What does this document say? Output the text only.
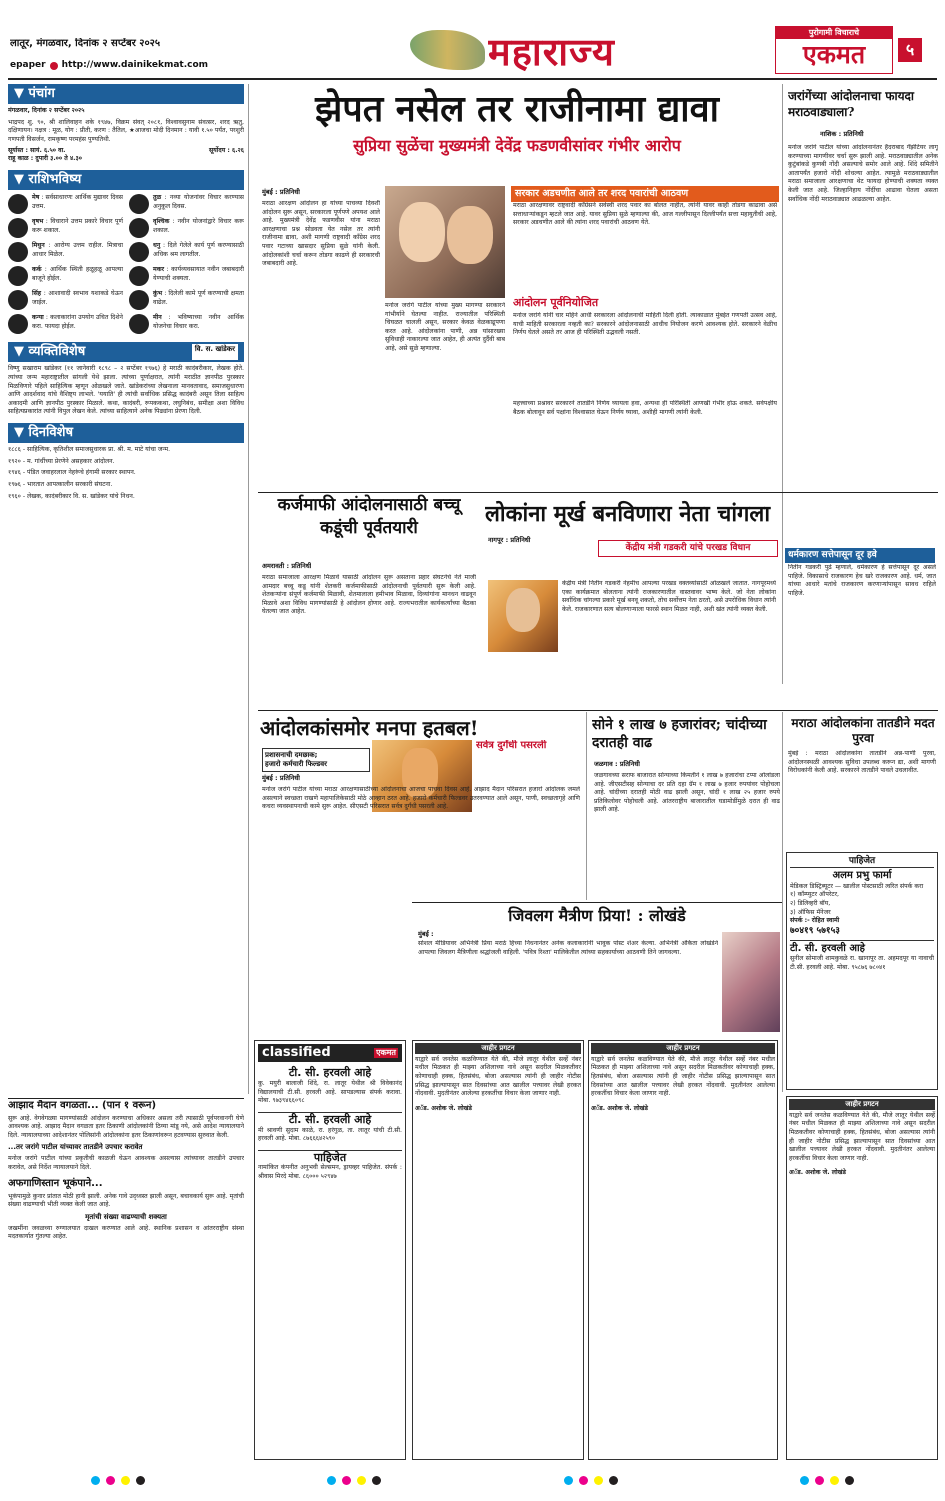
लातूर, मंगळवार, दिनांक २ सप्टेंबर २०२५
epaper http://www.dainikekmat.com	महाराज्य	पुरोगामी विचाराचे
एकमत	५
▼ पंचांग
मंगळवार, दिनांक २ सप्टेंबर २०२५
भाद्रपद शु. ९०, श्री शालिवाहन शके १९४७, विक्रम संवत् २०८१, विश्वावसुनाम संवत्सर, शरद ऋतु, दक्षिणायन। नक्षत्र : मूळ, योग : प्रीती, करण : तैतिल, ★आजचा मोदी दिनमान : यावी १.५० पर्यंत, परशुरी गणपती विसर्जन, रामकृष्ण परमहंस पुण्यतिथी.
सूर्यास्त : सायं. ६.५० वा.	सूर्योदय : ६.२६
राहू काळ : दुपारी ३.०० ते ४.३०
▼ राशिभविष्य
मेष : सर्वसाधारणः आर्थिक मुद्यावर दिवस उत्तम.
तुळ : नव्या योजनांवर विचार करण्यास अनुकूल दिवस.
वृषभ : विचाराने उत्तम प्रकारे विचार पूर्ण करू शकाल.
वृश्चिक : नवीन योजनांद्वारे विचार करू शकाल.
मिथुन : आरोग्य उत्तम राहील. मित्राचा आधार मिळेल.
धनु : दिले गेलेले कार्य पूर्ण करण्यासाठी अधिक श्रम लागतील.
कर्क : आर्थिक स्थिती हळूहळू आपल्या बाजूने होईल.
मकर : कार्यव्यवसायात नवीन जबाबदारी येण्याची शक्यता.
सिंह : आशावादी स्वभाव यशाकडे घेऊन जाईल.
कुंभ : दिलेली कामे पूर्ण करण्याची क्षमता वाढेल.
कन्या : कलाकारांना उपयोग उचित दिशेने करा. फायदा होईल.
मीन : भविष्याच्या नवीन आर्थिक योजनेचा विचार करा.
▼ व्यक्तिविशेष	वि. स. खांडेकर
विष्णु सखाराम खांडेकर (११ जानेवारी १८९८ – २ सप्टेंबर १९७६) हे मराठी कादंबरीकार, लेखक होते. त्यांच्या जन्म महाराष्ट्रातील सांगली येथे झाला. त्यांच्या पूर्णाक्षरात, त्यांनी मराठीत ज्ञानपीठ पुरस्कार मिळविणारे पहिले साहित्यिक म्हणून ओळखले जाते. खांडेकरांच्या लेखनाला मानवतावाद, समाजसुधारणा आणि आदर्शवाद यांचे वैशिष्ट्य लाभले. 'ययाति' ही त्यांची सर्वाधिक प्रसिद्ध कादंबरी असून तिला साहित्य अकादमी आणि ज्ञानपीठ पुरस्कार मिळाले. कथा, कादंबरी, रूपककथा, लघुनिबंध, समीक्षा अशा विविध साहित्यप्रकारांत त्यांनी विपुल लेखन केले. त्यांच्या साहित्याने अनेक पिढ्यांना प्रेरणा दिली.
▼ दिनविशेष
१८८६ - साहित्यिक, कृतिशील समाजसुधारक प्रा. श्री. म. माटे यांचा जन्म.
१९२० - म. गांधींच्या प्रेरणेने असहकार आंदोलन.
१९४६ - पंडित जवाहरलाल नेहरूंचे हंगामी सरकार स्थापन.
१९७६ - भारतात आपत्कालीन सरकारी संघटना.
१९६० - लेखक, कादंबरीकार वि. स. खांडेकर यांचे निधन.
झेपत नसेल तर राजीनामा द्यावा
सुप्रिया सुळेंचा मुख्यमंत्री देवेंद्र फडणवीसांवर गंभीर आरोप
मुंबई : प्रतिनिधी
मराठा आरक्षण आंदोलन हा यांच्या पाचव्या दिवशी आंदोलन सुरू असून, सरकारला पूर्णपणे अपयश आले आहे. मुख्यमंत्री देवेंद्र फडणवीस यांना मराठा आरक्षणाचा प्रश्न सोडवता येत नसेल तर त्यांनी राजीनामा द्यावा, अशी मागणी राष्ट्रवादी काँग्रेस शरद पवार गटाच्या खासदार सुप्रिया सुळे यांनी केली. आंदोलकांशी चर्चा करून तोडगा काढणे ही सरकारची जबाबदारी आहे.
मनोज जरांगे पाटील यांच्या मुख्य मागण्या सरकारने गांभीर्याने घेतल्या नाहीत. राज्यातील परिस्थिती चिघळत चालली असून, सरकार केवळ वेळकाढूपणा करत आहे. आंदोलकांना पाणी, अन्न यांसारख्या सुविधाही नाकारल्या जात आहेत, ही अत्यंत दुर्दैवी बाब आहे, असे सुळे म्हणाल्या.
सरकार अडचणीत आले तर शरद पवारांची आठवण
मराठा आरक्षणावर राष्ट्रवादी काँग्रेसने सर्वस्वी शरद पवार का बोलत नाहीत, त्यांनी यावर काही तोडगा काढावा असे सत्ताधाऱ्यांकडून म्हटले जात आहे. यावर सुप्रिया सुळे म्हणाल्या की, आज गल्लीपासून दिल्लीपर्यंत सत्ता महायुतीची आहे, सरकार अडचणीत आले की त्यांना शरद पवारांची आठवण येते.
आंदोलन पूर्वनियोजित
मनोज जरांगे यांनी चार महिने आधी सरकारला आंदोलनाची माहिती दिली होती. त्याकाळात मुंबईत गणपती उत्सव आहे, याची माहिती सरकारला नव्हती का? सरकारने आंदोलनासाठी आधीच नियोजन करणे आवश्यक होते. सरकारने वेळीच निर्णय घेतले असते तर आज ही परिस्थिती उद्भवली नसती.
महत्त्वाच्या प्रश्नावर सरकारने तातडीने निर्णय घ्यायला हवा, अन्यथा ही परिस्थिती आणखी गंभीर होऊ शकते. सर्वपक्षीय बैठक बोलावून सर्व पक्षांना विश्वासात घेऊन निर्णय घ्यावा, अशीही मागणी त्यांनी केली.
जरांगेंच्या आंदोलनाचा फायदा मराठवाड्याला?
नाशिक : प्रतिनिधी
मनोज जरांगे पाटील यांच्या आंदोलनानंतर हैदराबाद गॅझेटियर लागू करण्याच्या मागणीवर चर्चा सुरू झाली आहे. मराठवाड्यातील अनेक कुटुंबांकडे कुणबी नोंदी असल्याचे समोर आले आहे. शिंदे समितीने आतापर्यंत हजारो नोंदी शोधल्या आहेत. त्यामुळे मराठवाड्यातील मराठा समाजाला आरक्षणाचा थेट फायदा होण्याची शक्यता व्यक्त केली जात आहे. जिल्हानिहाय नोंदींचा आढावा घेतला असता सर्वाधिक नोंदी मराठवाड्यात आढळल्या आहेत.
कर्जमाफी आंदोलनासाठी बच्चू कडूंची पूर्वतयारी
अमरावती : प्रतिनिधी
मराठा समाजाला आरक्षण मिळावे यासाठी आंदोलन सुरू असताना प्रहार संघटनेचे नेते माजी आमदार बच्चू कडू यांनी शेतकरी कर्जमाफीसाठी आंदोलनाची पूर्वतयारी सुरू केली आहे. शेतकऱ्यांना संपूर्ण कर्जमाफी मिळावी, शेतमालाला हमीभाव मिळावा, दिव्यांगांना मानधन वाढवून मिळावे अशा विविध मागण्यांसाठी हे आंदोलन होणार आहे. राज्यभरातील कार्यकर्त्यांच्या बैठका घेतल्या जात आहेत.
लोकांना मूर्ख बनविणारा नेता चांगला
नागपूर : प्रतिनिधी
केंद्रीय मंत्री गडकरी यांचे परखड विधान
केंद्रीय मंत्री नितीन गडकरी नेहमीच आपल्या परखड वक्तव्यांसाठी ओळखले जातात. नागपूरमध्ये एका कार्यक्रमात बोलताना त्यांनी राजकारणातील वास्तवावर भाष्य केले. जो नेता लोकांना सर्वाधिक चांगल्या प्रकारे मूर्ख बनवू शकतो, तोच सर्वोत्तम नेता ठरतो, असे उपरोधिक विधान त्यांनी केले. राजकारणात सत्य बोलणाऱ्याला फारसे स्थान मिळत नाही, अशी खंत त्यांनी व्यक्त केली.
धर्मकारण सत्तेपासून दूर हवे
नितीन गडकरी पुढे म्हणाले, धर्मकारण हे सत्तेपासून दूर असले पाहिजे. विकासाचे राजकारण हेच खरे राजकारण आहे. धर्म, जात यांच्या आधारे मतांचे राजकारण करणाऱ्यांपासून सावध राहिले पाहिजे.
आंदोलकांसमोर मनपा हतबल!
प्रशासनाची दमछाक;
हजारो कर्मचारी फिल्डवर
मुंबई : प्रतिनिधी
सर्वत्र दुर्गंधी पसरली
मनोज जरांगे पाटील यांच्या मराठा आरक्षणासाठीच्या आंदोलनाचा आजचा पाचवा दिवस आहे. आझाद मैदान परिसरात हजारो आंदोलक जमले असल्याने स्वच्छता राखणे महापालिकेसाठी मोठे आव्हान ठरत आहे. हजारो कर्मचारी फिल्डवर उतरवण्यात आले असून, पाणी, स्वच्छतागृहे आणि कचरा व्यवस्थापनाची कामे सुरू आहेत. सीएसटी परिसरात सर्वत्र दुर्गंधी पसरली आहे.
सोने १ लाख ७ हजारांवर; चांदीच्या दरातही वाढ
जळगाव : प्रतिनिधी
जळगावच्या सराफ बाजारात सोन्याच्या किमतीने १ लाख ७ हजारांचा टप्पा ओलांडला आहे. जीएसटीसह सोन्याचा दर प्रति दहा ग्रॅम १ लाख ७ हजार रुपयांवर पोहोचला आहे. चांदीच्या दरातही मोठी वाढ झाली असून, चांदी १ लाख २५ हजार रुपये प्रतिकिलोवर पोहोचली आहे. आंतरराष्ट्रीय बाजारातील घडामोडींमुळे दरात ही वाढ झाली आहे.
मराठा आंदोलकांना तातडीने मदत पुरवा
मुंबई : मराठा आंदोलकांना तातडीने अन्न-पाणी पुरवा, आंदोलनस्थळी आवश्यक सुविधा उपलब्ध करून द्या, अशी मागणी विरोधकांनी केली आहे. सरकारने तातडीने पावले उचलावीत.
पाहिजेत
अलम प्रभु फार्मा
मेडिकल डिस्ट्रिब्यूटर — खालील पोस्टसाठी त्वरित संपर्क करा
१) कॉम्प्युटर ऑपरेटर,
२) डिलिव्हरी बॉय,
३) ऑफिस मॅनेजर
संपर्क :- रोहित स्वामी
७०४१९ ५७१५३
टी. सी. हरवली आहे
सुनील सोमाजी शामकुवळे रा. खानापूर ता. अहमदपूर या नावाची टी.सी. हरवली आहे. मोबा. ९५८७६ ७८०४१
जिवलग मैत्रीण प्रिया! : लोखंडे
मुंबई :
सोशल मीडियावर अभिनेत्री प्रिया मराठे हिच्या निधनानंतर अनेक कलाकारांनी भावुक पोस्ट शेअर केल्या. अभिनेत्री अंकिता लोखंडेने आपल्या जिवलग मैत्रिणीला श्रद्धांजली वाहिली. 'पवित्र रिश्ता' मालिकेतील त्यांच्या सहकार्याच्या आठवणी तिने जागवल्या.
आझाद मैदान वगळता... (पान १ वरून)
सुरू आहे. वेगवेगळ्या मागण्यांसाठी आंदोलन करण्याचा अधिकार असला तरी त्यासाठी पूर्वपरवानगी घेणे आवश्यक आहे. आझाद मैदान वगळता इतर ठिकाणी आंदोलकांनी ठिय्या मांडू नये, असे आदेश न्यायालयाने दिले. न्यायालयाच्या आदेशानंतर पोलिसांनी आंदोलकांना इतर ठिकाणांवरून हटवण्यास सुरुवात केली.
...तर जरांगे पाटील यांच्यावर तातडीने उपचार करावेत
मनोज जरांगे पाटील यांच्या प्रकृतीची काळजी घेऊन आवश्यक असल्यास त्यांच्यावर तातडीने उपचार करावेत, असे निर्देश न्यायालयाने दिले.
अफगाणिस्तान भूकंपाने...
भूकंपामुळे कुनार प्रांतात मोठी हानी झाली. अनेक गावे उद्ध्वस्त झाली असून, बचावकार्य सुरू आहे. मृतांची संख्या वाढण्याची भीती व्यक्त केली जात आहे.
मृतांची संख्या वाढण्याची शक्यता
जखमींना जवळच्या रुग्णालयात दाखल करण्यात आले आहे. स्थानिक प्रशासन व आंतरराष्ट्रीय संस्था मदतकार्यात गुंतल्या आहेत.
classified	एकमत
टी. सी. हरवली आहे
कु. मयुरी बालाजी शिंदे, रा. लातूर येथील श्री विवेकानंद विद्यालयाची टी.सी. हरवली आहे. सापडल्यास संपर्क करावा. मोबा. ९७३९४६६०९८
टी. सी. हरवली आहे
मी श्रावणी सुदाम काळे, रा. हरंगुळ, ता. लातूर यांची टी.सी. हरवली आहे. मोबा. ८७६६६४२५९०
पाहिजेत
नामांकित कंपनीत अनुभवी सेल्समन, ड्रायव्हर पाहिजेत. संपर्क : श्रीवास मिरदे मोबा. ८६००० ५२९४७
जाहीर प्रगटन
याद्वारे सर्व जनतेस कळविण्यात येते की, मौजे लातूर येथील सर्व्हे नंबर मधील मिळकत ही माझ्या अशिलाच्या नावे असून सदरील मिळकतीवर कोणाचाही हक्क, हितसंबंध, बोजा असल्यास त्यांनी ही जाहीर नोटीस प्रसिद्ध झाल्यापासून सात दिवसांच्या आत खालील पत्त्यावर लेखी हरकत नोंदवावी. मुदतीनंतर आलेल्या हरकतींचा विचार केला जाणार नाही.
अॅड. अशोक जे. लोखंडे
जाहीर प्रगटन
याद्वारे सर्व जनतेस कळविण्यात येते की, मौजे लातूर येथील सर्व्हे नंबर मधील मिळकत ही माझ्या अशिलाच्या नावे असून सदरील मिळकतीवर कोणाचाही हक्क, हितसंबंध, बोजा असल्यास त्यांनी ही जाहीर नोटीस प्रसिद्ध झाल्यापासून सात दिवसांच्या आत खालील पत्त्यावर लेखी हरकत नोंदवावी. मुदतीनंतर आलेल्या हरकतींचा विचार केला जाणार नाही.
अॅड. अशोक जे. लोखंडे
जाहीर प्रगटन
याद्वारे सर्व जनतेस कळविण्यात येते की, मौजे लातूर येथील सर्व्हे नंबर मधील मिळकत ही माझ्या अशिलाच्या नावे असून सदरील मिळकतीवर कोणाचाही हक्क, हितसंबंध, बोजा असल्यास त्यांनी ही जाहीर नोटीस प्रसिद्ध झाल्यापासून सात दिवसांच्या आत खालील पत्त्यावर लेखी हरकत नोंदवावी. मुदतीनंतर आलेल्या हरकतींचा विचार केला जाणार नाही.
अॅड. अशोक जे. लोखंडे
